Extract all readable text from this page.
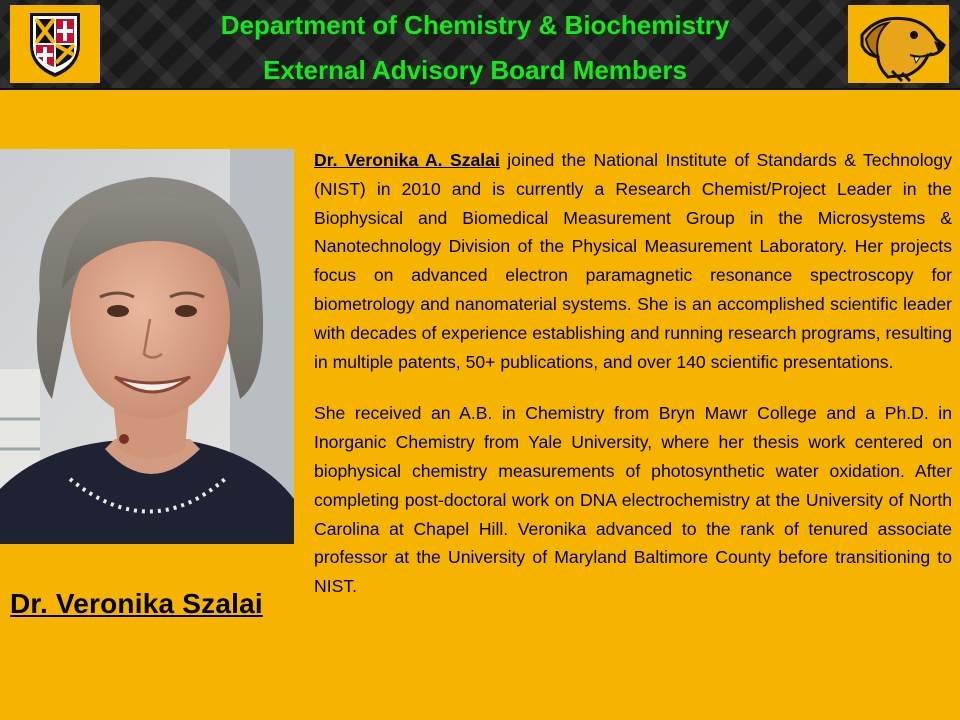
Department of Chemistry & Biochemistry
External Advisory Board Members
Dr. Veronika Szalai

Dr. Veronika A. Szalai joined the National Institute of Standards & Technology (NIST) in 2010 and is currently a Research Chemist/Project Leader in the Biophysical and Biomedical Measurement Group in the Microsystems & Nanotechnology Division of the Physical Measurement Laboratory. Her projects focus on advanced electron paramagnetic resonance spectroscopy for biometrology and nanomaterial systems. She is an accomplished scientific leader with decades of experience establishing and running research programs, resulting in multiple patents, 50+ publications, and over 140 scientific presentations.

She received an A.B. in Chemistry from Bryn Mawr College and a Ph.D. in Inorganic Chemistry from Yale University, where her thesis work centered on biophysical chemistry measurements of photosynthetic water oxidation. After completing post-doctoral work on DNA electrochemistry at the University of North Carolina at Chapel Hill. Veronika advanced to the rank of tenured associate professor at the University of Maryland Baltimore County before transitioning to NIST.
